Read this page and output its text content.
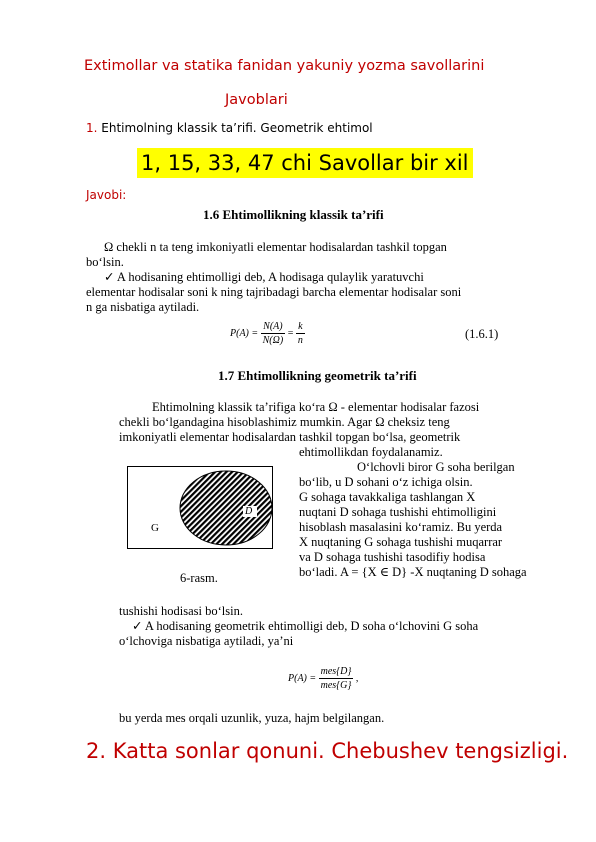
Extimollar va statika fanidan yakuniy yozma savollarini
Javoblari
1. Ehtimolning klassik ta’rifi. Geometrik ehtimol
1, 15, 33, 47 chi Savollar bir xil
Javobi:
1.6 Ehtimollikning klassik ta’rifi
Ω chekli n ta teng imkoniyatli elementar hodisalardan tashkil topgan
bo‘lsin.
✓ A hodisaning ehtimolligi deb, A hodisaga qulaylik yaratuvchi
elementar hodisalar soni k ning tajribadagi barcha elementar hodisalar soni
n ga nisbatiga aytiladi.
$P(A) = \frac{N(A)}{N(\Omega)} = \frac{k}{n}$	(1.6.1)
1.7 Ehtimollikning geometrik ta’rifi
Ehtimolning klassik ta’rifiga ko‘ra Ω - elementar hodisalar fazosi
chekli bo‘lgandagina hisoblashimiz mumkin. Agar Ω cheksiz teng
imkoniyatli elementar hodisalardan tashkil topgan bo‘lsa, geometrik
ehtimollikdan foydalanamiz.
O‘lchovli biror G soha berilgan
bo‘lib, u D sohani o‘z ichiga olsin.
G sohaga tavakkaliga tashlangan X
nuqtani D sohaga tushishi ehtimolligini
hisoblash masalasini ko‘ramiz. Bu yerda
X nuqtaning G sohaga tushishi muqarrar
va D sohaga tushishi tasodifiy hodisa
bo‘ladi. A = {X ∈ D} -X nuqtaning D sohaga
G
D
6-rasm.
tushishi hodisasi bo‘lsin.
✓ A hodisaning geometrik ehtimolligi deb, D soha o‘lchovini G soha
o‘lchoviga nisbatiga aytiladi, ya’ni
$P(A) = \frac{\text{mes\{D\}}}{\text{mes\{G\}}}$ ,
bu yerda mes orqali uzunlik, yuza, hajm belgilangan.
2. Katta sonlar qonuni. Chebushev tengsizligi.
